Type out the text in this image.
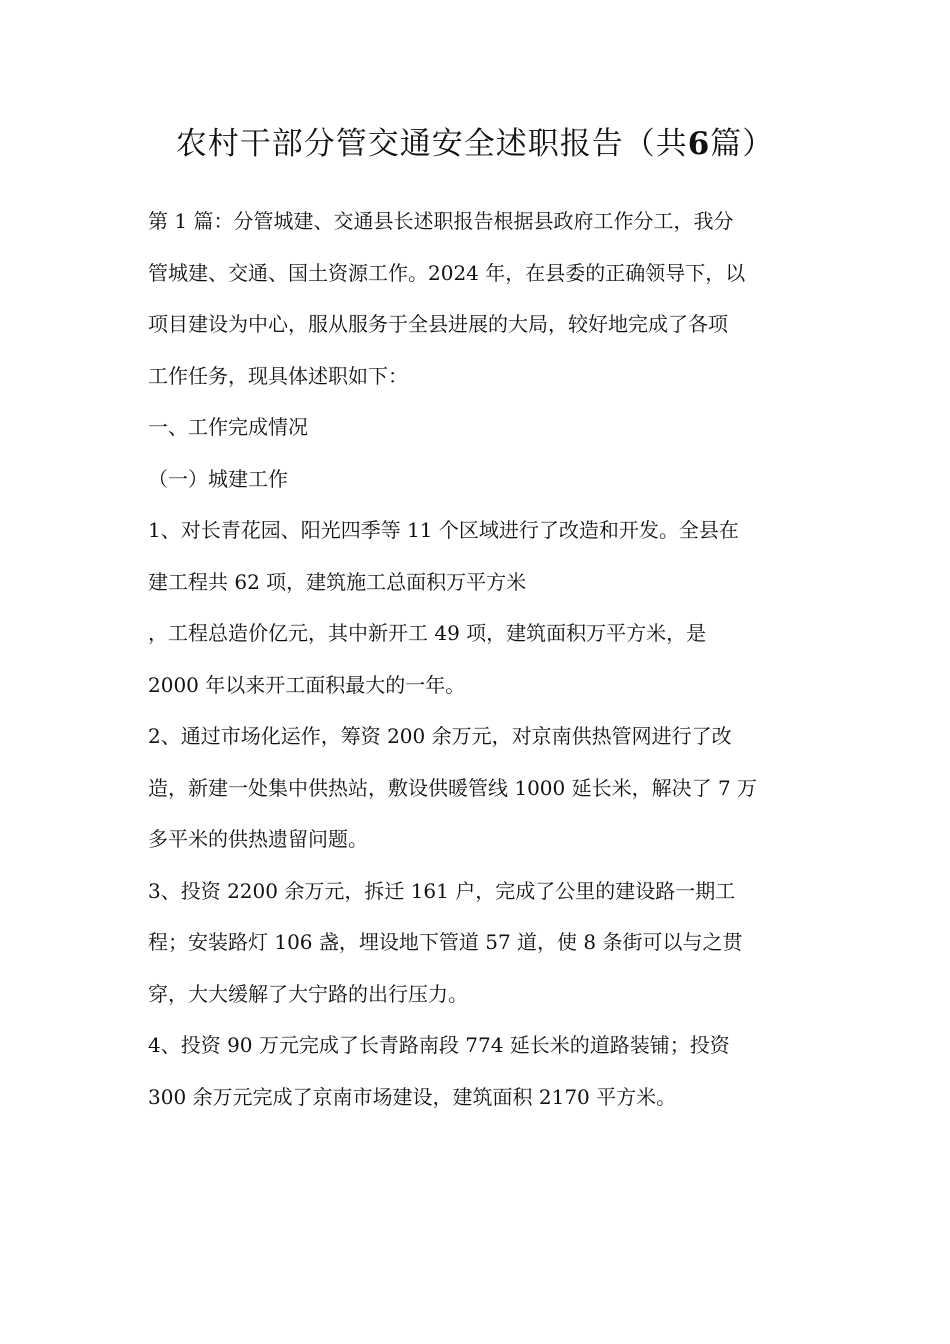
农村干部分管交通安全述职报告（共6篇）
第 1 篇：分管城建、交通县长述职报告根据县政府工作分工，我分
管城建、交通、国土资源工作。2024 年，在县委的正确领导下，以
项目建设为中心，服从服务于全县进展的大局，较好地完成了各项
工作任务，现具体述职如下：
一、工作完成情况
（一）城建工作
1、对长青花园、阳光四季等 11 个区域进行了改造和开发。全县在
建工程共 62 项，建筑施工总面积万平方米
，工程总造价亿元，其中新开工 49 项，建筑面积万平方米，是
2000 年以来开工面积最大的一年。
2、通过市场化运作，筹资 200 余万元，对京南供热管网进行了改
造，新建一处集中供热站，敷设供暖管线 1000 延长米，解决了 7 万
多平米的供热遗留问题。
3、投资 2200 余万元，拆迁 161 户，完成了公里的建设路一期工
程；安装路灯 106 盏，埋设地下管道 57 道，使 8 条街可以与之贯
穿，大大缓解了大宁路的出行压力。
4、投资 90 万元完成了长青路南段 774 延长米的道路装铺；投资
300 余万元完成了京南市场建设，建筑面积 2170 平方米。
